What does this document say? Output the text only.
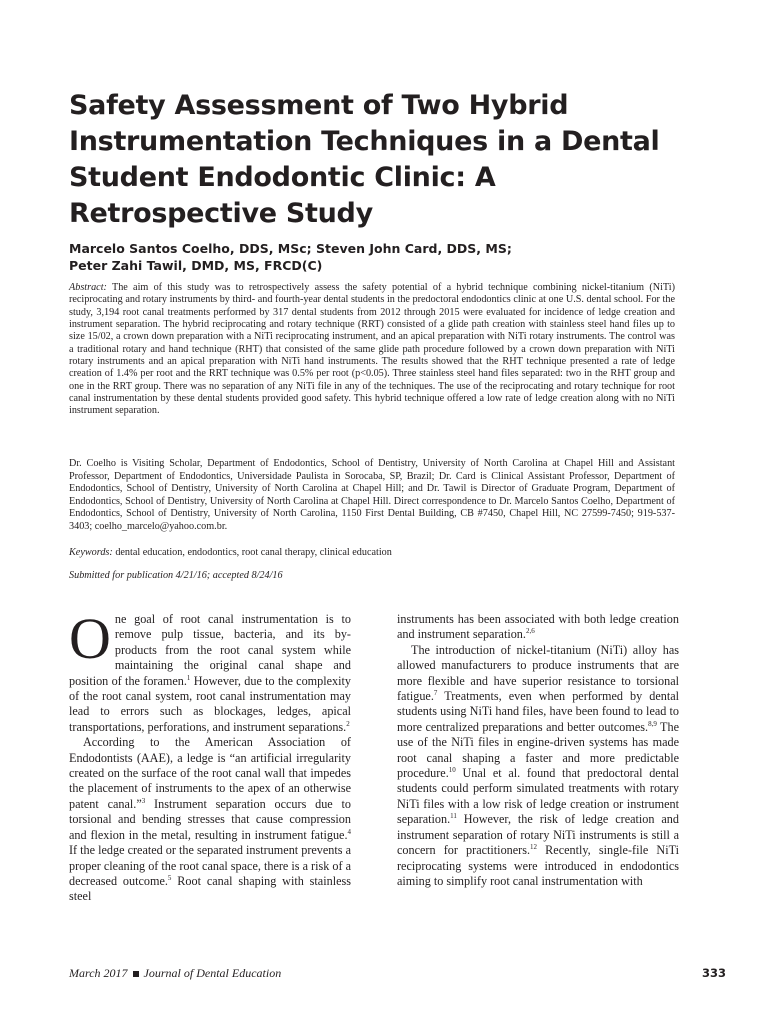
Safety Assessment of Two Hybrid Instrumentation Techniques in a Dental Student Endodontic Clinic: A Retrospective Study
Marcelo Santos Coelho, DDS, MSc; Steven John Card, DDS, MS;
Peter Zahi Tawil, DMD, MS, FRCD(C)
Abstract: The aim of this study was to retrospectively assess the safety potential of a hybrid technique combining nickel-titanium (NiTi) reciprocating and rotary instruments by third- and fourth-year dental students in the predoctoral endodontics clinic at one U.S. dental school. For the study, 3,194 root canal treatments performed by 317 dental students from 2012 through 2015 were evaluated for incidence of ledge creation and instrument separation. The hybrid reciprocating and rotary technique (RRT) consisted of a glide path creation with stainless steel hand files up to size 15/02, a crown down preparation with a NiTi reciprocating instrument, and an apical preparation with NiTi rotary instruments. The control was a traditional rotary and hand technique (RHT) that consisted of the same glide path procedure followed by a crown down preparation with NiTi rotary instruments and an apical preparation with NiTi hand instruments. The results showed that the RHT technique presented a rate of ledge creation of 1.4% per root and the RRT technique was 0.5% per root (p<0.05). Three stainless steel hand files separated: two in the RHT group and one in the RRT group. There was no separation of any NiTi file in any of the techniques. The use of the reciprocating and rotary technique for root canal instrumentation by these dental students provided good safety. This hybrid technique offered a low rate of ledge creation along with no NiTi instrument separation.
Dr. Coelho is Visiting Scholar, Department of Endodontics, School of Dentistry, University of North Carolina at Chapel Hill and Assistant Professor, Department of Endodontics, Universidade Paulista in Sorocaba, SP, Brazil; Dr. Card is Clinical Assistant Professor, Department of Endodontics, School of Dentistry, University of North Carolina at Chapel Hill; and Dr. Tawil is Director of Graduate Program, Department of Endodontics, School of Dentistry, University of North Carolina at Chapel Hill. Direct correspondence to Dr. Marcelo Santos Coelho, Department of Endodontics, School of Dentistry, University of North Carolina, 1150 First Dental Building, CB #7450, Chapel Hill, NC 27599-7450; 919-537-3403; coelho_marcelo@yahoo.com.br.
Keywords: dental education, endodontics, root canal therapy, clinical education
Submitted for publication 4/21/16; accepted 8/24/16

One goal of root canal instrumentation is to remove pulp tissue, bacteria, and its by-products from the root canal system while maintaining the original canal shape and position of the foramen.$^1$ However, due to the complexity of the root canal system, root canal instrumentation may lead to errors such as blockages, ledges, apical transportations, perforations, and instrument separations.$^2$

According to the American Association of Endodontists (AAE), a ledge is “an artificial irregularity created on the surface of the root canal wall that impedes the placement of instruments to the apex of an otherwise patent canal.”$^3$ Instrument separation occurs due to torsional and bending stresses that cause compression and flexion in the metal, resulting in instrument fatigue.$^4$ If the ledge created or the separated instrument prevents a proper cleaning of the root canal space, there is a risk of a decreased outcome.$^5$ Root canal shaping with stainless steel

instruments has been associated with both ledge creation and instrument separation.$^{2,6}$

The introduction of nickel-titanium (NiTi) alloy has allowed manufacturers to produce instruments that are more flexible and have superior resistance to torsional fatigue.$^7$ Treatments, even when performed by dental students using NiTi hand files, have been found to lead to more centralized preparations and better outcomes.$^{8,9}$ The use of the NiTi files in engine-driven systems has made root canal shaping a faster and more predictable procedure.$^{10}$ Unal et al. found that predoctoral dental students could perform simulated treatments with rotary NiTi files with a low risk of ledge creation or instrument separation.$^{11}$ However, the risk of ledge creation and instrument separation of rotary NiTi instruments is still a concern for practitioners.$^{12}$ Recently, single-file NiTi reciprocating systems were introduced in endodontics aiming to simplify root canal instrumentation with

March 2017 Journal of Dental Education	333
